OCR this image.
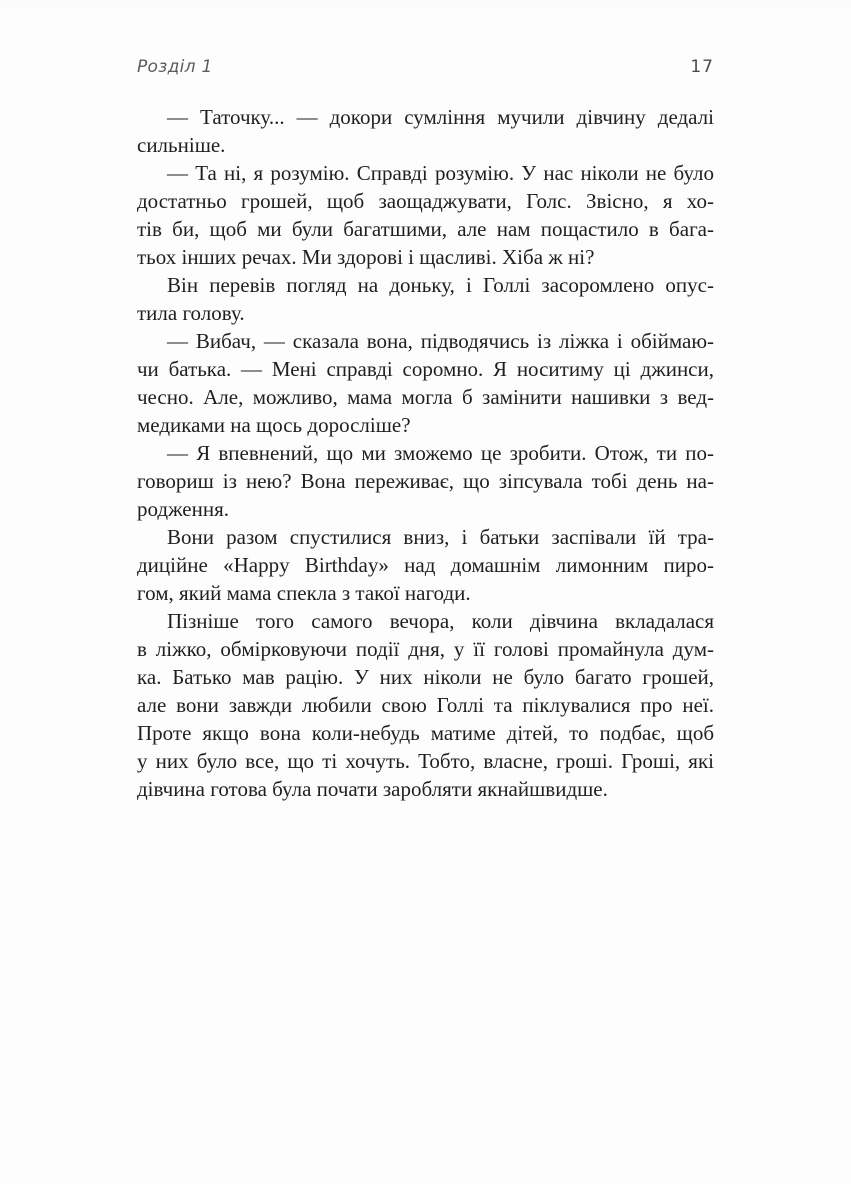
Розділ 1	17
— Таточку... — докори сумління мучили дівчину дедалі
сильніше.
— Та ні, я розумію. Справді розумію. У нас ніколи не було
достатньо грошей, щоб заощаджувати, Голс. Звісно, я хо-
тів би, щоб ми були багатшими, але нам пощастило в бага-
тьох інших речах. Ми здорові і щасливі. Хіба ж ні?
Він перевів погляд на доньку, і Голлі засоромлено опус-
тила голову.
— Вибач, — сказала вона, підводячись із ліжка і обіймаю-
чи батька. — Мені справді соромно. Я носитиму ці джинси,
чесно. Але, можливо, мама могла б замінити нашивки з вед-
медиками на щось доросліше?
— Я впевнений, що ми зможемо це зробити. Отож, ти по-
говориш із нею? Вона переживає, що зіпсувала тобі день на-
родження.
Вони разом спустилися вниз, і батьки заспівали їй тра-
диційне «Happy Birthday» над домашнім лимонним пиро-
гом, який мама спекла з такої нагоди.
Пізніше того самого вечора, коли дівчина вкладалася
в ліжко, обмірковуючи події дня, у її голові промайнула дум-
ка. Батько мав рацію. У них ніколи не було багато грошей,
але вони завжди любили свою Голлі та піклувалися про неї.
Проте якщо вона коли-небудь матиме дітей, то подбає, щоб
у них було все, що ті хочуть. Тобто, власне, гроші. Гроші, які
дівчина готова була почати заробляти якнайшвидше.
